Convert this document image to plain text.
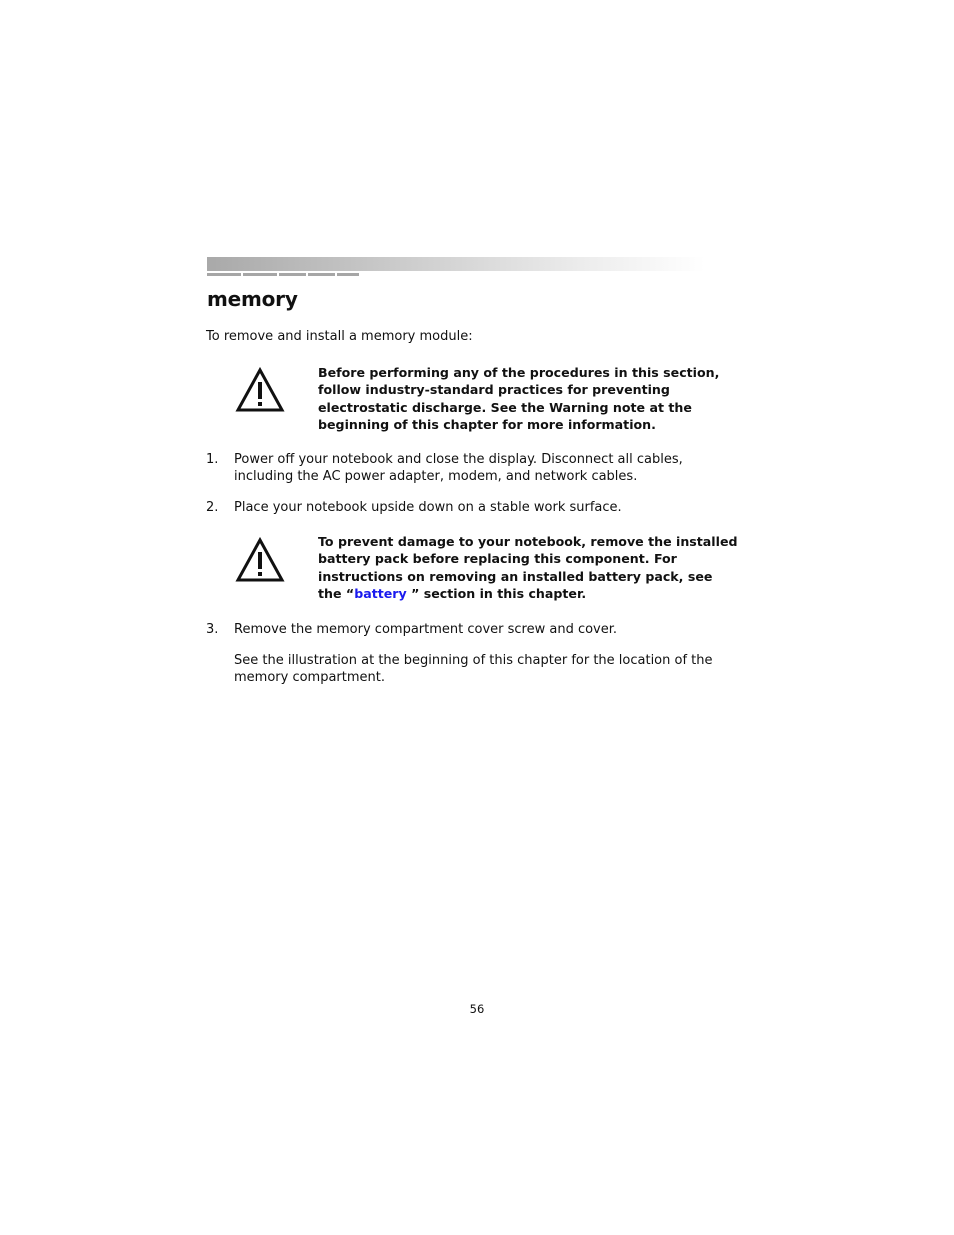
memory

To remove and install a memory module:

Before performing any of the procedures in this section, follow industry-standard practices for preventing electrostatic discharge. See the Warning note at the beginning of this chapter for more information.

1. Power off your notebook and close the display. Disconnect all cables, including the AC power adapter, modem, and network cables.
2. Place your notebook upside down on a stable work surface.

To prevent damage to your notebook, remove the installed battery pack before replacing this component. For instructions on removing an installed battery pack, see the “battery ” section in this chapter.

3. Remove the memory compartment cover screw and cover.

See the illustration at the beginning of this chapter for the location of the memory compartment.

56
